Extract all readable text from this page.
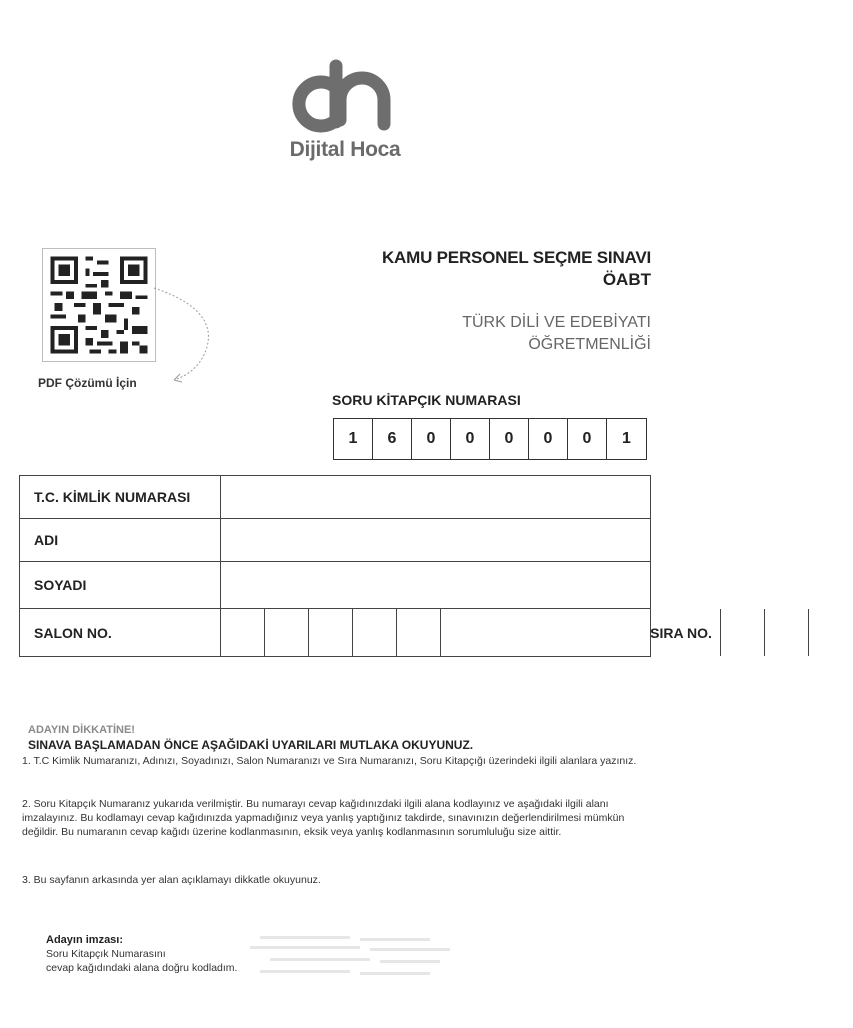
Dijital Hoca
PDF Çözümü İçin
KAMU PERSONEL SEÇME SINAVI
ÖABT
TÜRK DİLİ VE EDEBİYATI
ÖĞRETMENLİĞİ
SORU KİTAPÇIK NUMARASI
1	6	0	0	0	0	0	1
T.C. KİMLİK NUMARASI
ADI
SOYADI
SALON NO.	SIRA NO.
ADAYIN DİKKATİNE!
SINAVA BAŞLAMADAN ÖNCE AŞAĞIDAKİ UYARILARI MUTLAKA OKUYUNUZ.
1. T.C Kimlik Numaranızı, Adınızı, Soyadınızı, Salon Numaranızı ve Sıra Numaranızı, Soru Kitapçığı üzerindeki ilgili alanlara yazınız.
2. Soru Kitapçık Numaranız yukarıda verilmiştir. Bu numarayı cevap kağıdınızdaki ilgili alana kodlayınız ve aşağıdaki ilgili alanı imzalayınız. Bu kodlamayı cevap kağıdınızda yapmadığınız veya yanlış yaptığınız takdirde, sınavınızın değerlendirilmesi mümkün değildir. Bu numaranın cevap kağıdı üzerine kodlanmasının, eksik veya yanlış kodlanmasının sorumluluğu size aittir.
3. Bu sayfanın arkasında yer alan açıklamayı dikkatle okuyunuz.
Adayın imzası:
Soru Kitapçık Numarasını
cevap kağıdındaki alana doğru kodladım.
